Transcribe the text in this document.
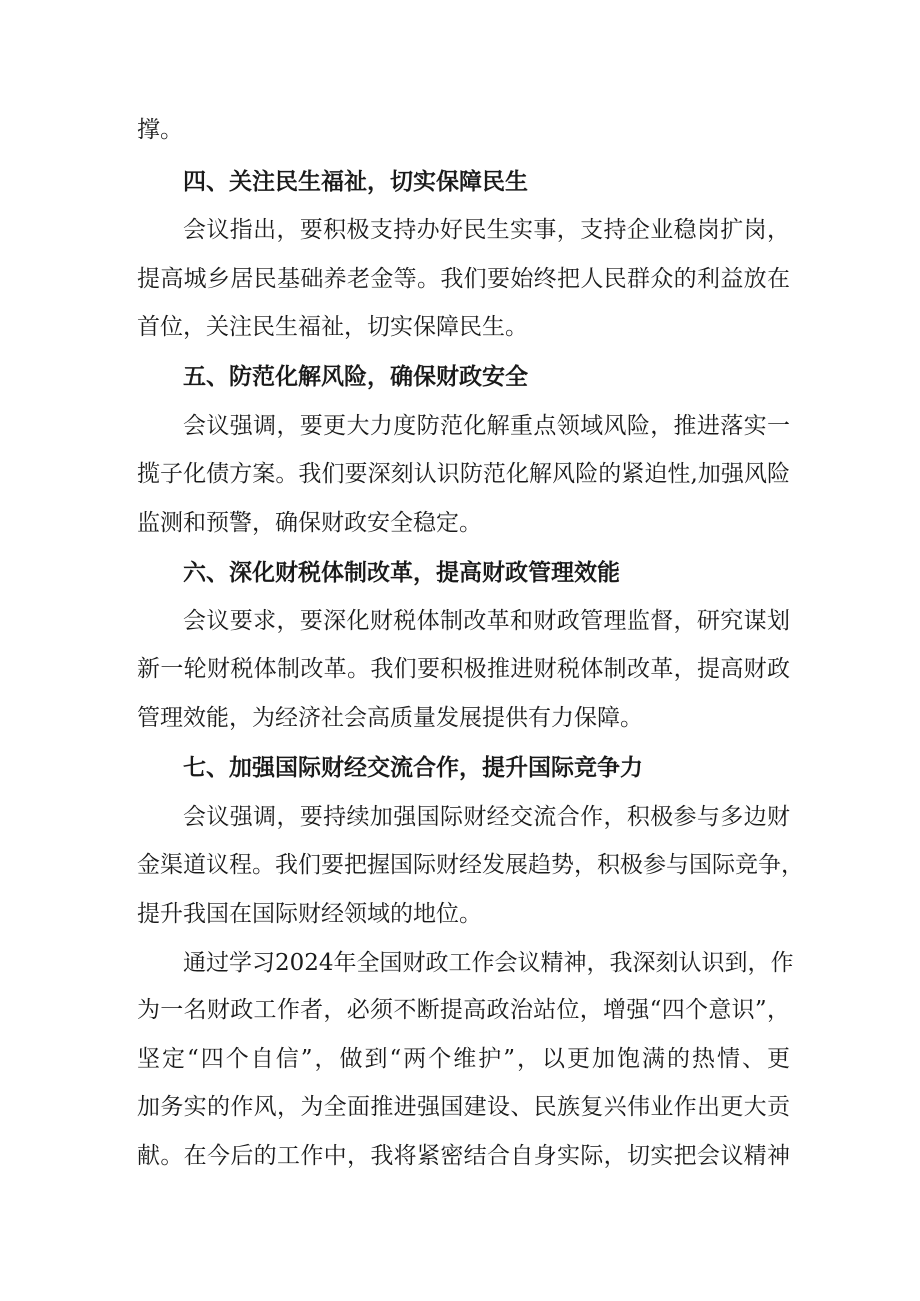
撑。
四、关注民生福祉，切实保障民生
会议指出，要积极支持办好民生实事，支持企业稳岗扩岗，
提高城乡居民基础养老金等。我们要始终把人民群众的利益放在
首位，关注民生福祉，切实保障民生。
五、防范化解风险，确保财政安全
会议强调，要更大力度防范化解重点领域风险，推进落实一
揽子化债方案。我们要深刻认识防范化解风险的紧迫性,加强风险
监测和预警，确保财政安全稳定。
六、深化财税体制改革，提高财政管理效能
会议要求，要深化财税体制改革和财政管理监督，研究谋划
新一轮财税体制改革。我们要积极推进财税体制改革，提高财政
管理效能，为经济社会高质量发展提供有力保障。
七、加强国际财经交流合作，提升国际竞争力
会议强调，要持续加强国际财经交流合作，积极参与多边财
金渠道议程。我们要把握国际财经发展趋势，积极参与国际竞争，
提升我国在国际财经领域的地位。
通过学习2024年全国财政工作会议精神，我深刻认识到，作
为一名财政工作者，必须不断提高政治站位，增强“四个意识”，
坚定“四个自信”，做到“两个维护”，以更加饱满的热情、更
加务实的作风，为全面推进强国建设、民族复兴伟业作出更大贡
献。在今后的工作中，我将紧密结合自身实际，切实把会议精神
